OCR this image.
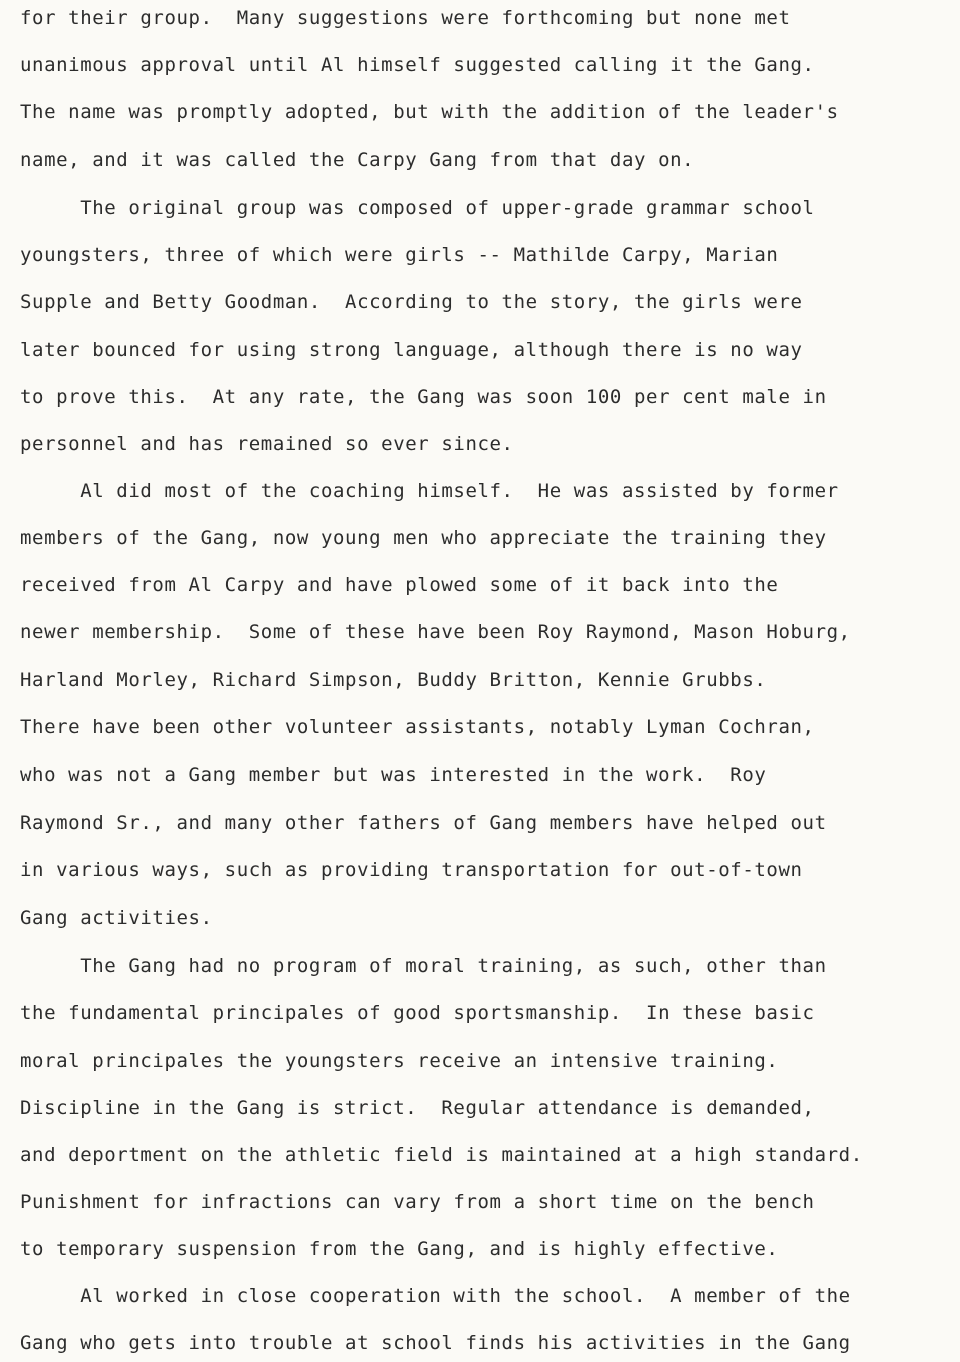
for their group.  Many suggestions were forthcoming but none met
unanimous approval until Al himself suggested calling it the Gang.
The name was promptly adopted, but with the addition of the leader's
name, and it was called the Carpy Gang from that day on.
The original group was composed of upper-grade grammar school
youngsters, three of which were girls -- Mathilde Carpy, Marian
Supple and Betty Goodman.  According to the story, the girls were
later bounced for using strong language, although there is no way
to prove this.  At any rate, the Gang was soon 100 per cent male in
personnel and has remained so ever since.
Al did most of the coaching himself.  He was assisted by former
members of the Gang, now young men who appreciate the training they
received from Al Carpy and have plowed some of it back into the
newer membership.  Some of these have been Roy Raymond, Mason Hoburg,
Harland Morley, Richard Simpson, Buddy Britton, Kennie Grubbs.
There have been other volunteer assistants, notably Lyman Cochran,
who was not a Gang member but was interested in the work.  Roy
Raymond Sr., and many other fathers of Gang members have helped out
in various ways, such as providing transportation for out-of-town
Gang activities.
The Gang had no program of moral training, as such, other than
the fundamental principales of good sportsmanship.  In these basic
moral principales the youngsters receive an intensive training.
Discipline in the Gang is strict.  Regular attendance is demanded,
and deportment on the athletic field is maintained at a high standard.
Punishment for infractions can vary from a short time on the bench
to temporary suspension from the Gang, and is highly effective.
Al worked in close cooperation with the school.  A member of the
Gang who gets into trouble at school finds his activities in the Gang
